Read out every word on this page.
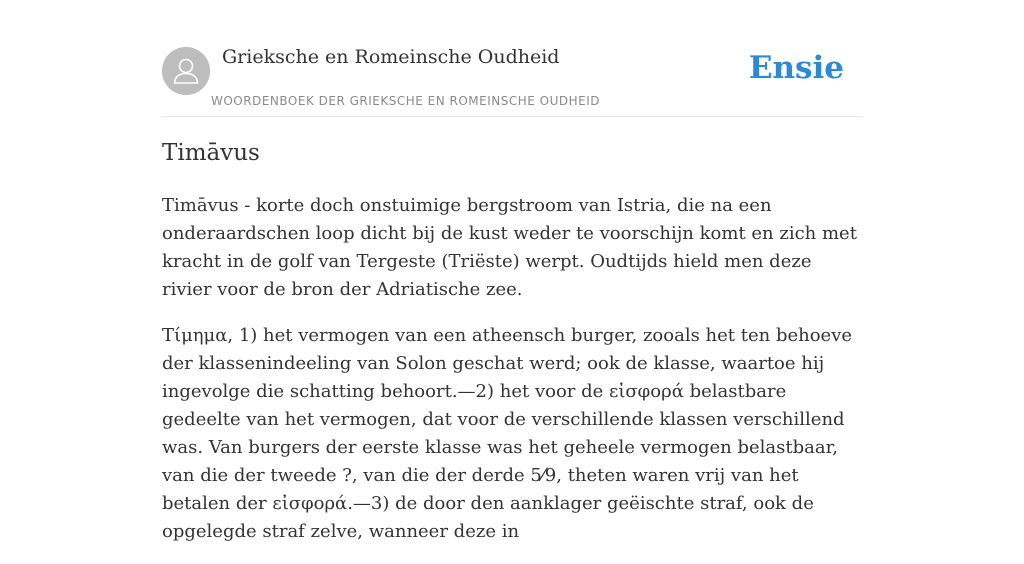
Grieksche en Romeinsche Oudheid
WOORDENBOEK DER GRIEKSCHE EN ROMEINSCHE OUDHEID
Ensie
Timāvus

Timāvus - korte doch onstuimige bergstroom van Istria, die na een onderaardschen loop dicht bij de kust weder te voorschijn komt en zich met kracht in de golf van Tergeste (Triëste) werpt. Oudtijds hield men deze rivier voor de bron der Adriatische zee.

Τίμημα, 1) het vermogen van een atheensch burger, zooals het ten behoeve der klassenindeeling van Solon geschat werd; ook de klasse, waartoe hij ingevolge die schatting behoort.—2) het voor de εἰσφορά belastbare gedeelte van het vermogen, dat voor de verschillende klassen verschillend was. Van burgers der eerste klasse was het geheele vermogen belastbaar, van die der tweede ?, van die der derde 5⁄9, theten waren vrij van het betalen der εἰσφορά.—3) de door den aanklager geëischte straf, ook de opgelegde straf zelve, wanneer deze in
